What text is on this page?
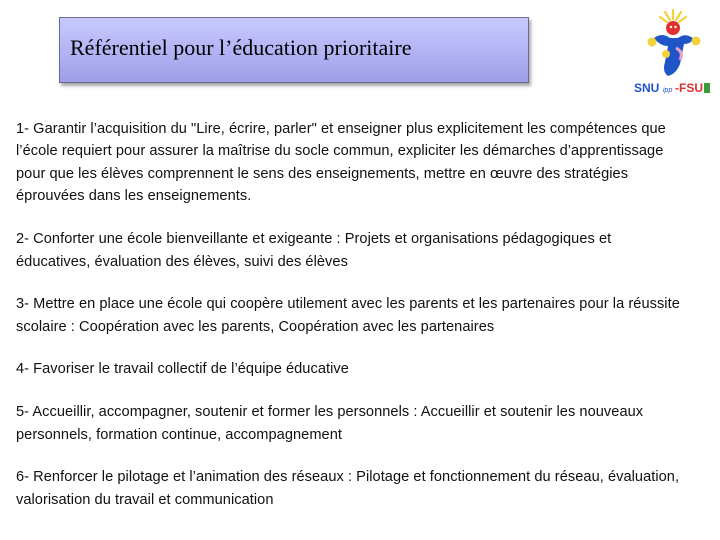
Référentiel pour l’éducation prioritaire
SNU ipp -FSU

1- Garantir l’acquisition du "Lire, écrire, parler" et enseigner plus explicitement les compétences que l’école requiert pour assurer la maîtrise du socle commun, expliciter les démarches d’apprentissage pour que les élèves comprennent le sens des enseignements, mettre en œuvre des stratégies éprouvées dans les enseignements.

2- Conforter une école bienveillante et exigeante : Projets et organisations pédagogiques et éducatives, évaluation des élèves, suivi des élèves

3- Mettre en place une école qui coopère utilement avec les parents et les partenaires pour la réussite scolaire : Coopération avec les parents, Coopération avec les partenaires

4- Favoriser le travail collectif de l’équipe éducative

5- Accueillir, accompagner, soutenir et former les personnels : Accueillir et soutenir les nouveaux personnels, formation continue, accompagnement

6- Renforcer le pilotage et l’animation des réseaux : Pilotage et fonctionnement du réseau, évaluation, valorisation du travail et communication
